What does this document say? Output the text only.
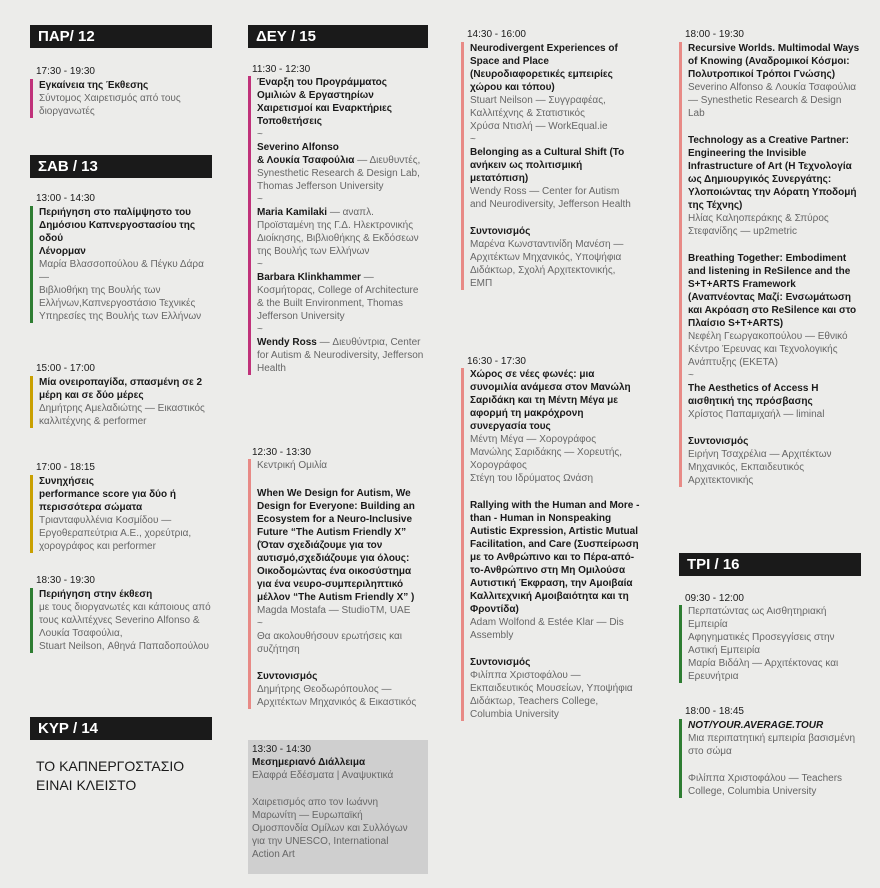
ΠΑΡ/ 12
17:30 - 19:30
Εγκαίνεια της Έκθεσης
Σύντομος Χαιρετισμός από τους διοργανωτές
ΣΑΒ / 13
13:00 - 14:30
Περιήγηση στο παλίμψηστο του Δημόσιου Καπνεργοστασίου της οδού
Λένορμαν
Μαρία Βλασσοπούλου & Πέγκυ Δάρα —
Βιβλιοθήκη της Βουλής των Ελλήνων,Καπνεργοστάσιο Τεχνικές Υπηρεσίες της Βουλής των Ελλήνων
15:00 - 17:00
Μία ονειροπαγίδα, σπασμένη σε 2 μέρη και σε δύο μέρες
Δημήτρης Αμελαδιώτης — Εικαστικός καλλιτέχνης & performer
17:00 - 18:15
Συνηχήσεις
performance score για δύο ή περισσότερα σώματα
Τριανταφυλλένια Κοσμίδου — Εργοθεραπεύτρια Α.Ε., χορεύτρια, χορογράφος και performer
18:30 - 19:30
Περιήγηση στην έκθεση
με τους διοργανωτές και κάποιους από τους καλλιτέχνες Severino Alfonso & Λουκία Τσαφούλια,
Stuart Neilson, Αθηνά Παπαδοπούλου
ΚΥΡ / 14
ΤΟ ΚΑΠΝΕΡΓΟΣΤΑΣΙΟ ΕΙΝΑΙ ΚΛΕΙΣΤΟ
ΔΕΥ / 15
11:30 - 12:30
Έναρξη του Προγράμματος Ομιλιών & Εργαστηρίων Χαιρετισμοί και Εναρκτήριες Τοποθετήσεις
~
Severino Alfonso
& Λουκία Τσαφούλια — Διευθυντές, Synesthetic Research & Design Lab, Thomas Jefferson University
~
Maria Kamilaki — αναπλ. Προϊσταμένη της Γ.Δ. Ηλεκτρονικής Διοίκησης, Βιβλιοθήκης & Εκδόσεων της Βουλής των Ελλήνων
~
Barbara Klinkhammer — Κοσμήτορας, College of Architecture & the Built Environment, Thomas Jefferson University
~
Wendy Ross — Διευθύντρια, Center for Autism & Neurodiversity, Jefferson Health
12:30 - 13:30
Κεντρική Ομιλία
When We Design for Autism, We Design for Everyone: Building an Ecosystem for a Neuro-Inclusive Future “The Autism Friendly X” (Όταν σχεδιάζουμε για τον αυτισμό,σχεδιάζουμε για όλους: Οικοδομώντας ένα οικοσύστημα για ένα νευρο-συμπεριληπτικό μέλλον “The Autism Friendly X” )
Magda Mostafa — StudioTM, UAE
~
Θα ακολουθήσουν ερωτήσεις και συζήτηση
Συντονισμός
Δημήτρης Θεοδωρόπουλος — Αρχιτέκτων Μηχανικός & Εικαστικός
13:30 - 14:30
Μεσημεριανό Διάλλειμα
Ελαφρά Εδέσματα | Αναψυκτικά
Χαιρετισμός απο τον Ιωάννη Μαρωνίτη — Ευρωπαϊκή Ομοσπονδία Ομίλων και Συλλόγων για την UNESCO, International Action Art
14:30 - 16:00
Neurodivergent Experiences of Space and Place (Νευροδιαφορετικές εμπειρίες χώρου και τόπου)
Stuart Neilson — Συγγραφέας, Καλλιτέχνης & Στατιστικός
Χρύσα Ντισλή — WorkEqual.ie
~
Belonging as a Cultural Shift (Το ανήκειν ως πολιτισμική μετατόπιση)
Wendy Ross — Center for Autism and Neurodiversity, Jefferson Health
Συντονισμός
Μαρένα Κωνσταντινίδη Μανέση — Αρχιτέκτων Μηχανικός, Υποψήφια Διδάκτωρ, Σχολή Αρχιτεκτονικής, ΕΜΠ
16:30 - 17:30
Χώρος σε νέες φωνές: μια συνομιλία ανάμεσα στον Μανώλη Σαριδάκη και τη Μέντη Μέγα με αφορμή τη μακρόχρονη συνεργασία τους
Μέντη Μέγα — Χορογράφος Μανώλης Σαριδάκης — Χορευτής, Χορογράφος
Στέγη του Ιδρύματος Ωνάση
Rallying with the Human and More - than - Human in Nonspeaking Autistic Expression, Artistic Mutual Facilitation, and Care (Συσπείρωση με το Ανθρώπινο και το Πέρα-από-το-Ανθρώπινο στη Μη Ομιλούσα Αυτιστική Έκφραση, την Αμοιβαία Καλλιτεχνική Αμοιβαιότητα και τη Φροντίδα)
Adam Wolfond & Estée Klar — Dis Assembly
Συντονισμός
Φιλίππα Χριστοφάλου — Εκπαιδευτικός Μουσείων, Υποψήφια Διδάκτωρ, Teachers College, Columbia University
18:00 - 19:30
Recursive Worlds. Multimodal Ways of Knowing (Αναδρομικοί Κόσμοι: Πολυτροπικοί Τρόποι Γνώσης)
Severino Alfonso & Λουκία Τσαφούλια — Synesthetic Research & Design Lab
Technology as a Creative Partner: Engineering the Invisible Infrastructure of Art (Η Τεχνολογία ως Δημιουργικός Συνεργάτης: Υλοποιώντας την Αόρατη Υποδομή της Τέχνης)
Ηλίας Καληοπεράκης & Σπύρος Στεφανίδης — up2metric
Breathing Together: Embodiment and listening in ReSilence and the S+T+ARTS Framework (Αναπνέοντας Μαζί: Ενσωμάτωση και Ακρόαση στο ReSilence και στο Πλαίσιο S+T+ARTS)
Νεφέλη Γεωργακοπούλου — Εθνικό Κέντρο Έρευνας και Τεχνολογικής Ανάπτυξης (ΕΚΕΤΑ)
~
The Aesthetics of Access Η αισθητική της πρόσβασης
Χρίστος Παπαμιχαήλ — liminal
Συντονισμός
Ειρήνη Τσαχρέλια — Αρχιτέκτων Μηχανικός, Εκπαιδευτικός Αρχιτεκτονικής
ΤΡΙ / 16
09:30 - 12:00
Περπατώντας ως Αισθητηριακή Εμπειρία
Αφηγηματικές Προσεγγίσεις στην Αστική Εμπειρία
Μαρία Βιδάλη — Αρχιτέκτονας και Ερευνήτρια
18:00 - 18:45
NOT/YOUR.AVERAGE.TOUR
Μια περιπατητική εμπειρία βασισμένη στο σώμα
Φιλίππα Χριστοφάλου — Teachers College, Columbia University
